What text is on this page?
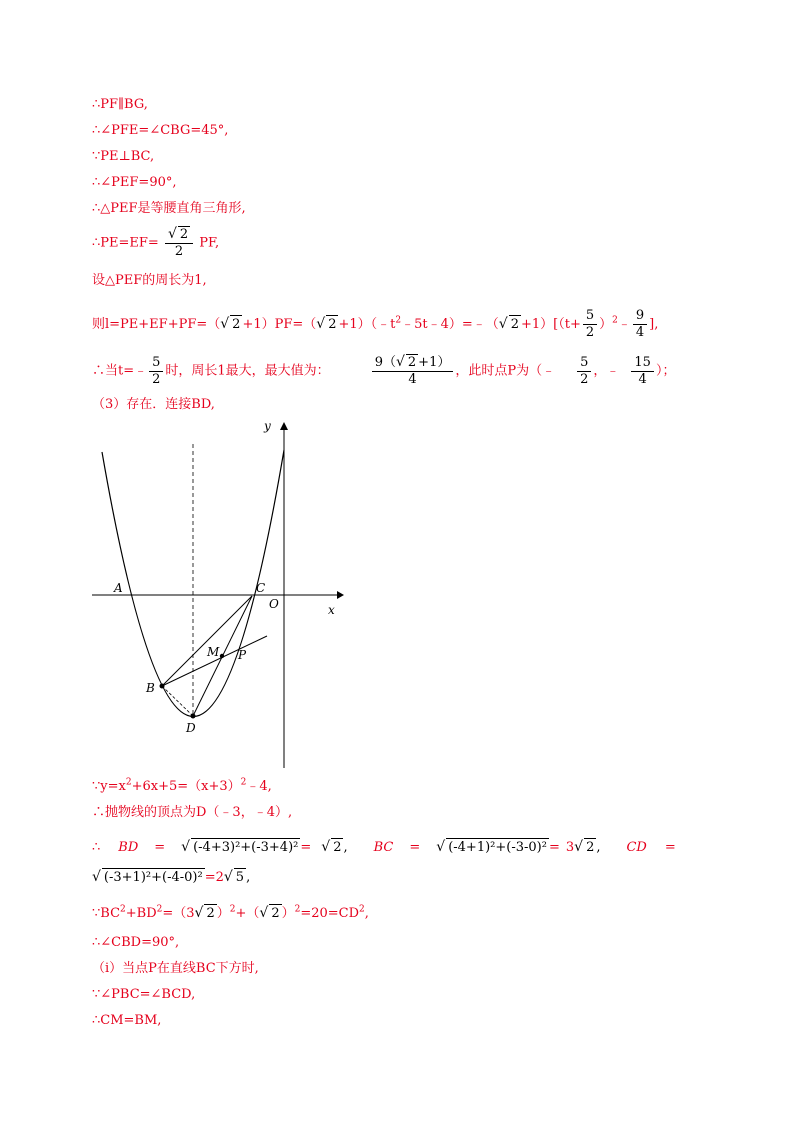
∴PF∥BG,
∴∠PFE=∠CBG=45°,
∵PE⊥BC,
∴∠PEF=90°,
∴△PEF是等腰直角三角形,
∴PE=EF= $\frac{√ 2}{2}$ PF,
设△PEF的周长为1,
则l=PE+EF+PF=（√ 2 +1）PF=（√ $2 +1)(﹣t^2﹣5t﹣4)=﹣(√$ $2 +1)[(t+ \frac{5}{2}$ ）$^2﹣ \frac{9}{4}$ ],
∴当t=﹣ $\frac{5}{2}$ 时，周长1最大，最大值为：	$\frac{9(√ 2 +1)}{4}$ ，此时点P为（﹣ $\frac{5}{2}$ ，﹣ $\frac{15}{4}$ ）；
（3）存在．连接BD,
y
x
A	C
O
M P
B
D
$\because y=x^2+6x+5=(x+3)^2﹣4$,
∴抛物线的顶点为D（﹣3，﹣4）,
∴ BD = √ (-4+3)²+(-3+4)² = √ 2 , BC = √ (-4+1)²+(-3-0)² = 3√ 2 , CD =
√ (-3+1)²+(-4-0)² =2√ 5 ,
$\because BC^2+BD^2=(3√$ 2 ）$^2$+（√ 2 ）$^2=20=CD^2$,
∴∠CBD=90°,
（i）当点P在直线BC下方时,
∵∠PBC=∠BCD,
∴CM=BM,
